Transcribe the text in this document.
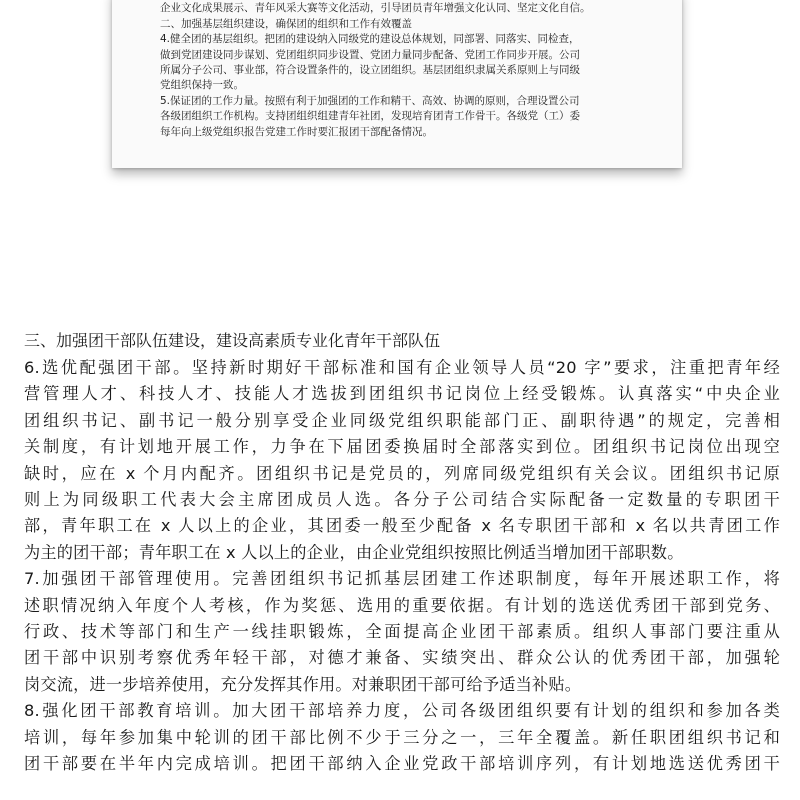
企业文化成果展示、青年风采大赛等文化活动，引导团员青年增强文化认同、坚定文化自信。
二、加强基层组织建设，确保团的组织和工作有效覆盖
4.健全团的基层组织。把团的建设纳入同级党的建设总体规划，同部署、同落实、同检查，
做到党团建设同步谋划、党团组织同步设置、党团力量同步配备、党团工作同步开展。公司
所属分子公司、事业部，符合设置条件的，设立团组织。基层团组织隶属关系原则上与同级
党组织保持一致。
5.保证团的工作力量。按照有利于加强团的工作和精干、高效、协调的原则，合理设置公司
各级团组织工作机构。支持团组织组建青年社团，发现培育团青工作骨干。各级党（工）委
每年向上级党组织报告党建工作时要汇报团干部配备情况。
三、加强团干部队伍建设，建设高素质专业化青年干部队伍
6.选优配强团干部。坚持新时期好干部标准和国有企业领导人员“20 字”要求，注重把青年经
营管理人才、科技人才、技能人才选拔到团组织书记岗位上经受锻炼。认真落实“中央企业
团组织书记、副书记一般分别享受企业同级党组织职能部门正、副职待遇”的规定，完善相
关制度，有计划地开展工作，力争在下届团委换届时全部落实到位。团组织书记岗位出现空
缺时，应在 x 个月内配齐。团组织书记是党员的，列席同级党组织有关会议。团组织书记原
则上为同级职工代表大会主席团成员人选。各分子公司结合实际配备一定数量的专职团干
部，青年职工在 x 人以上的企业，其团委一般至少配备 x 名专职团干部和 x 名以共青团工作
为主的团干部；青年职工在 x 人以上的企业，由企业党组织按照比例适当增加团干部职数。
7.加强团干部管理使用。完善团组织书记抓基层团建工作述职制度，每年开展述职工作，将
述职情况纳入年度个人考核，作为奖惩、选用的重要依据。有计划的选送优秀团干部到党务、
行政、技术等部门和生产一线挂职锻炼，全面提高企业团干部素质。组织人事部门要注重从
团干部中识别考察优秀年轻干部，对德才兼备、实绩突出、群众公认的优秀团干部，加强轮
岗交流，进一步培养使用，充分发挥其作用。对兼职团干部可给予适当补贴。
8.强化团干部教育培训。加大团干部培养力度，公司各级团组织要有计划的组织和参加各类
培训，每年参加集中轮训的团干部比例不少于三分之一，三年全覆盖。新任职团组织书记和
团干部要在半年内完成培训。把团干部纳入企业党政干部培训序列，有计划地选送优秀团干
